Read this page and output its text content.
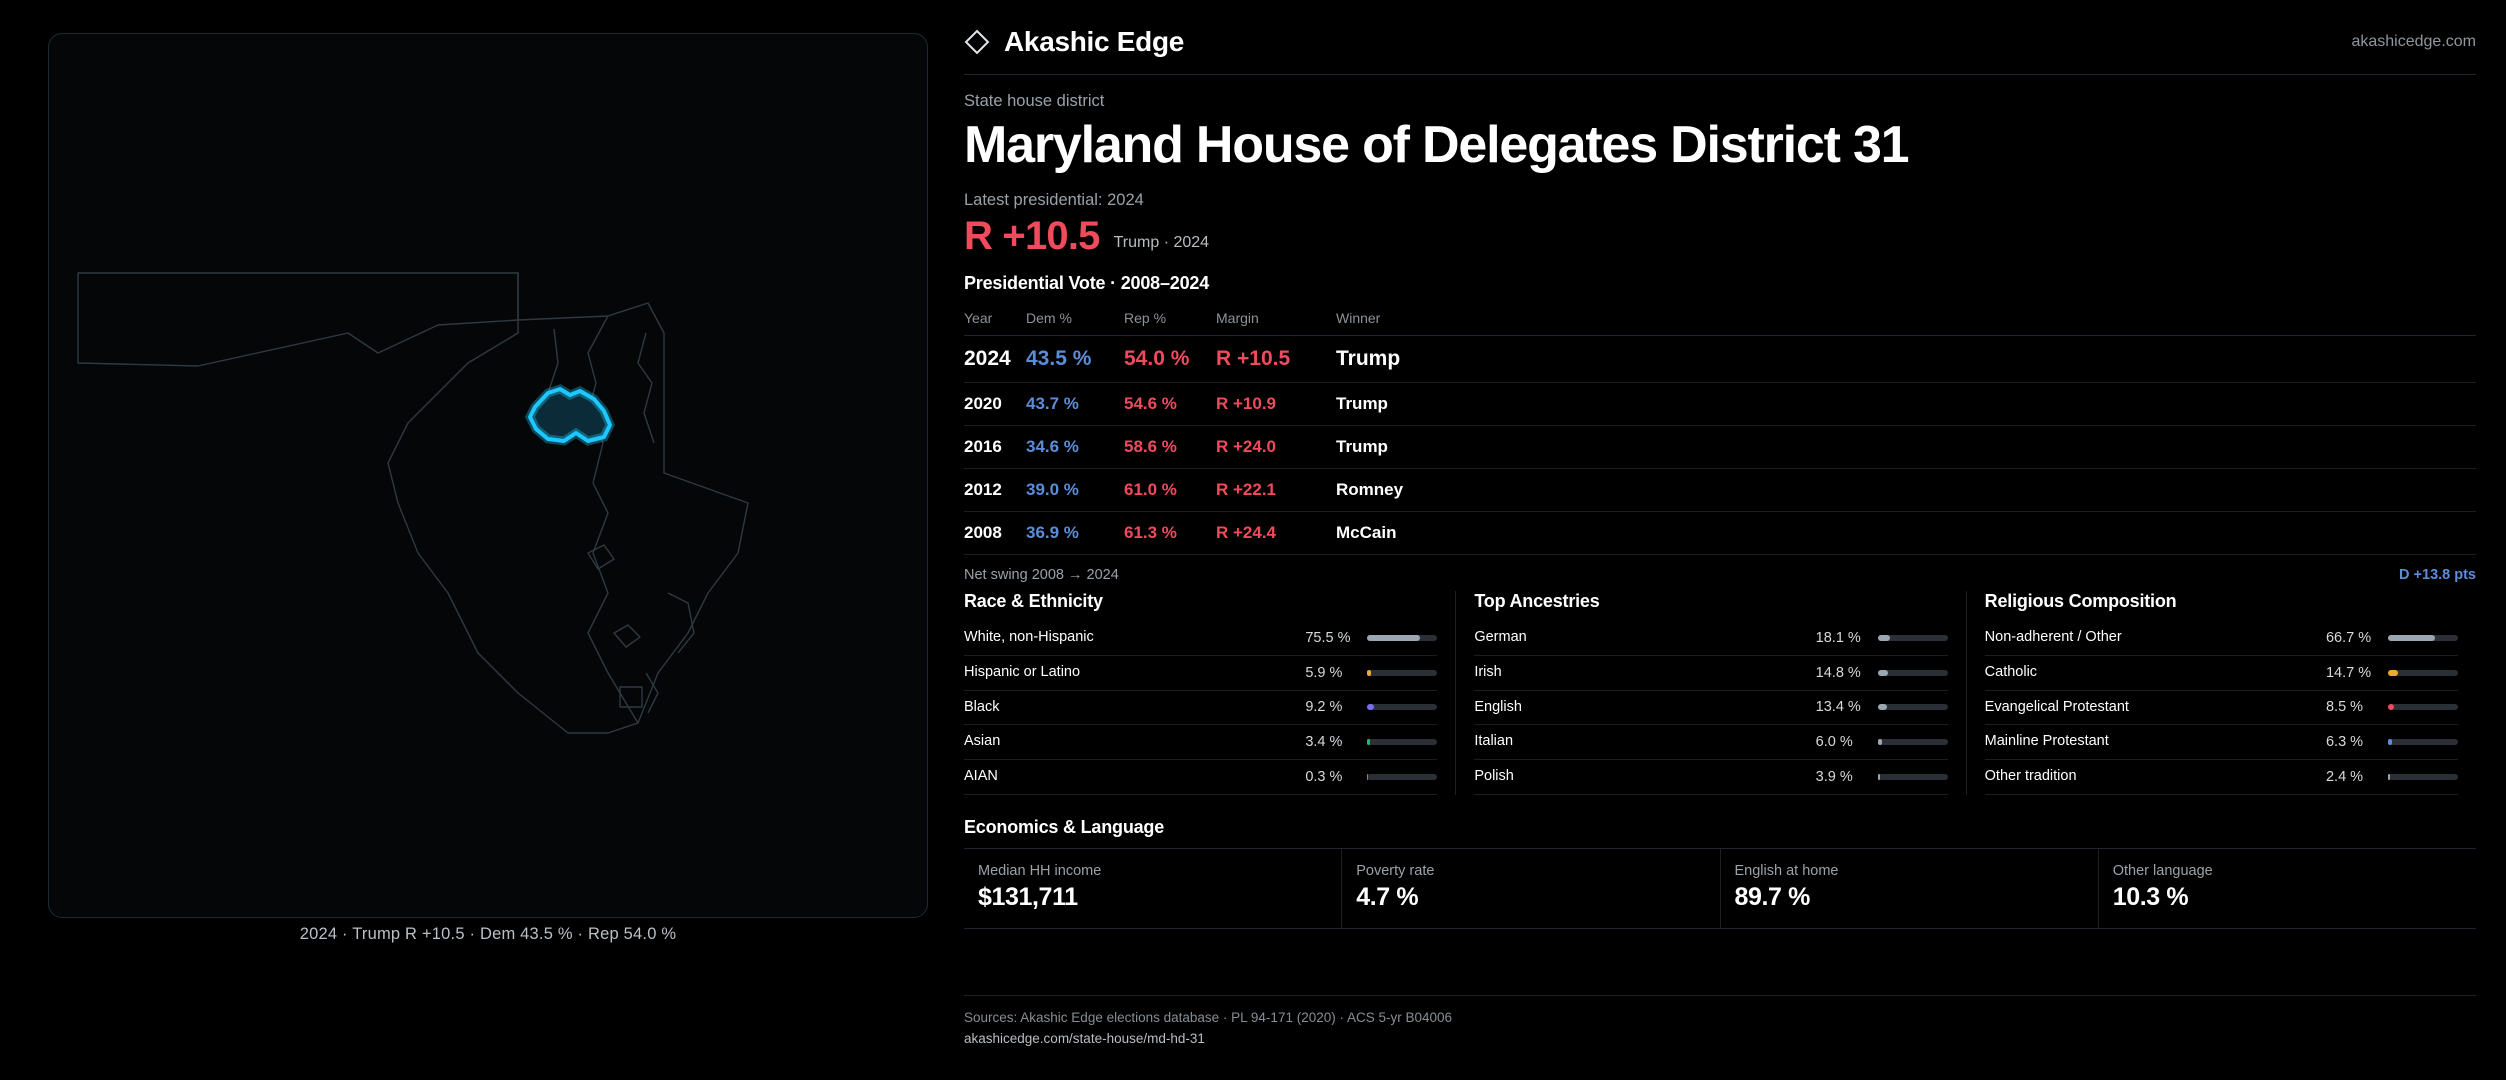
2024 · Trump R +10.5 · Dem 43.5 % · Rep 54.0 %
Akashic Edge	akashicedge.com
State house district
Maryland House of Delegates District 31
Latest presidential: 2024
R +10.5 Trump · 2024
Presidential Vote · 2008–2024
Year	Dem %	Rep %	Margin	Winner
2024	43.5 %	54.0 %	R +10.5	Trump
2020	43.7 %	54.6 %	R +10.9	Trump
2016	34.6 %	58.6 %	R +24.0	Trump
2012	39.0 %	61.0 %	R +22.1	Romney
2008	36.9 %	61.3 %	R +24.4	McCain
Net swing 2008 → 2024	D +13.8 pts
Race & Ethnicity
White, non-Hispanic	75.5 %
Hispanic or Latino	5.9 %
Black	9.2 %
Asian	3.4 %
AIAN	0.3 %
Top Ancestries
German	18.1 %
Irish	14.8 %
English	13.4 %
Italian	6.0 %
Polish	3.9 %
Religious Composition
Non-adherent / Other	66.7 %
Catholic	14.7 %
Evangelical Protestant	8.5 %
Mainline Protestant	6.3 %
Other tradition	2.4 %
Economics & Language
Median HH income
$131,711
Poverty rate
4.7 %
English at home
89.7 %
Other language
10.3 %
Sources: Akashic Edge elections database · PL 94-171 (2020) · ACS 5-yr B04006
akashicedge.com/state-house/md-hd-31
